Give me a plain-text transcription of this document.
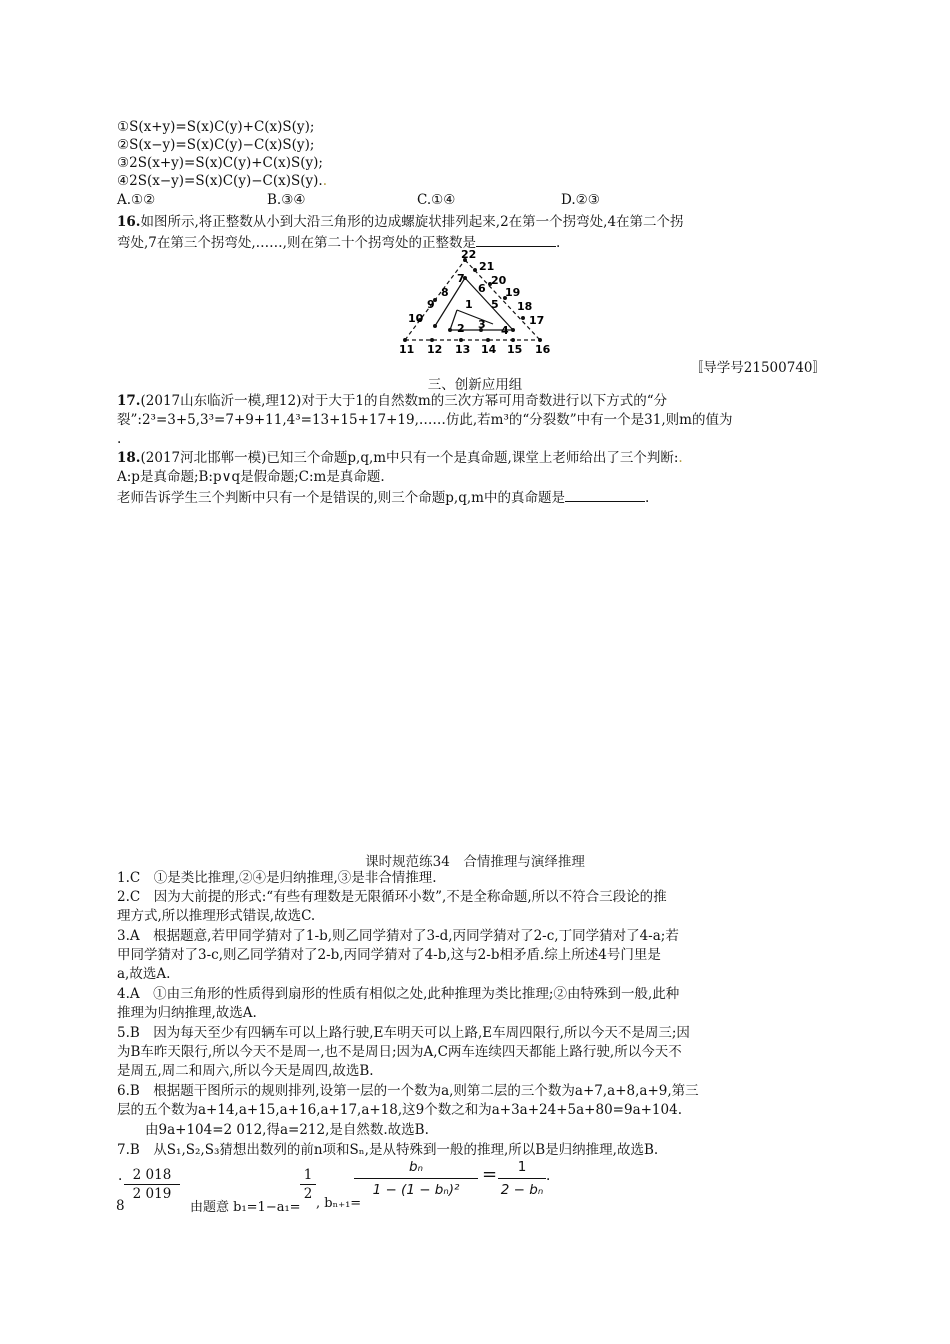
①S(x+y)=S(x)C(y)+C(x)S(y);
②S(x−y)=S(x)C(y)−C(x)S(y);
③2S(x+y)=S(x)C(y)+C(x)S(y);
④2S(x−y)=S(x)C(y)−C(x)S(y)..
A.①②	B.③④	C.①④	D.②③
16.如图所示,将正整数从小到大沿三角形的边成螺旋状排列起来,2在第一个拐弯处,4在第二个拐
弯处,7在第三个拐弯处,……,则在第二十个拐弯处的正整数是	.
1
2 3 4
5
6
7
8
9
10
11 12 13 14 15 16
17
18
19
20
21
22
〚导学号21500740〛
三、创新应用组
17.(2017山东临沂一模,理12)对于大于1的自然数m的三次方幂可用奇数进行以下方式的“分
裂”:2³=3+5,3³=7+9+11,4³=13+15+17+19,……仿此,若m³的“分裂数”中有一个是31,则m的值为
.
18.(2017河北邯郸一模)已知三个命题p,q,m中只有一个是真命题,课堂上老师给出了三个判断:.
A:p是真命题;B:p∨q是假命题;C:m是真命题.
老师告诉学生三个判断中只有一个是错误的,则三个命题p,q,m中的真命题是	.
课时规范练34　合情推理与演绎推理
1.C　①是类比推理,②④是归纳推理,③是非合情推理.
2.C　因为大前提的形式:“有些有理数是无限循环小数”,不是全称命题,所以不符合三段论的推
理方式,所以推理形式错误,故选C.
3.A　根据题意,若甲同学猜对了1-b,则乙同学猜对了3-d,丙同学猜对了2-c,丁同学猜对了4-a;若
甲同学猜对了3-c,则乙同学猜对了2-b,丙同学猜对了4-b,这与2-b相矛盾.综上所述4号门里是
a,故选A.
4.A　①由三角形的性质得到扇形的性质有相似之处,此种推理为类比推理;②由特殊到一般,此种
推理为归纳推理,故选A.
5.B　因为每天至少有四辆车可以上路行驶,E车明天可以上路,E车周四限行,所以今天不是周三;因
为B车昨天限行,所以今天不是周一,也不是周日;因为A,C两车连续四天都能上路行驶,所以今天不
是周五,周二和周六,所以今天是周四,故选B.
6.B　根据题干图所示的规则排列,设第一层的一个数为a,则第二层的三个数为a+7,a+8,a+9,第三
层的五个数为a+14,a+15,a+16,a+17,a+18,这9个数之和为a+3a+24+5a+80=9a+104.
由9a+104=2 012,得a=212,是自然数.故选B.
7.B　从S₁,S₂,S₃猜想出数列的前n项和Sₙ,是从特殊到一般的推理,所以B是归纳推理,故选B.
8
. $\frac{2 018}{2 019}$
由题意 b₁=1−a₁=
$\frac{1}{2}$
, bₙ₊₁=
$\frac{\text{bₙ}}{\text{1 − (1 − bₙ)²}} = \frac{1}{\text{2 − bₙ}}$ .
